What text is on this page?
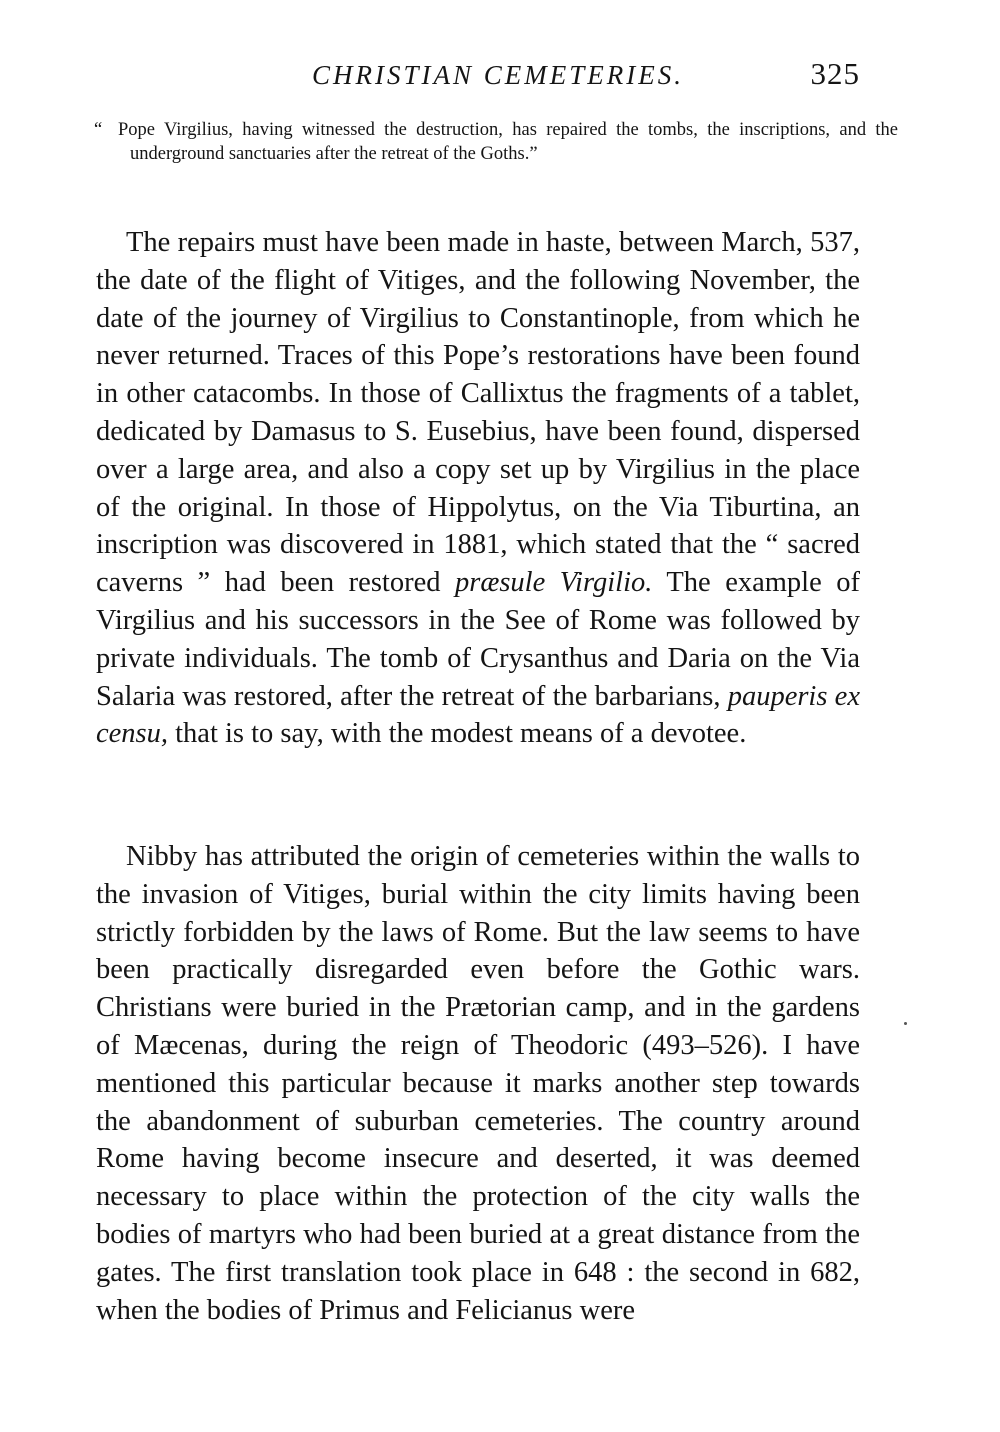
CHRISTIAN CEMETERIES.	325
“ Pope Virgilius, having witnessed the destruction, has repaired the tombs, the inscriptions, and the underground sanctuaries after the retreat of the Goths.”

The repairs must have been made in haste, between March, 537, the date of the flight of Vitiges, and the following November, the date of the journey of Virgilius to Constantinople, from which he never returned. Traces of this Pope’s restorations have been found in other catacombs. In those of Callixtus the fragments of a tablet, dedicated by Damasus to S. Eusebius, have been found, dispersed over a large area, and also a copy set up by Virgilius in the place of the original. In those of Hippolytus, on the Via Tiburtina, an inscription was discovered in 1881, which stated that the “ sacred caverns ” had been restored præsule Virgilio. The example of Virgilius and his successors in the See of Rome was followed by private individuals. The tomb of Crysanthus and Daria on the Via Salaria was restored, after the retreat of the barbarians, pauperis ex censu, that is to say, with the modest means of a devotee.

Nibby has attributed the origin of cemeteries within the walls to the invasion of Vitiges, burial within the city limits having been strictly forbidden by the laws of Rome. But the law seems to have been practically disregarded even before the Gothic wars. Christians were buried in the Prætorian camp, and in the gardens of Mæcenas, during the reign of Theodoric (493–526). I have mentioned this particular because it marks another step towards the abandonment of suburban cemeteries. The country around Rome having become insecure and deserted, it was deemed necessary to place within the protection of the city walls the bodies of martyrs who had been buried at a great distance from the gates. The first translation took place in 648 : the second in 682, when the bodies of Primus and Felicianus were
